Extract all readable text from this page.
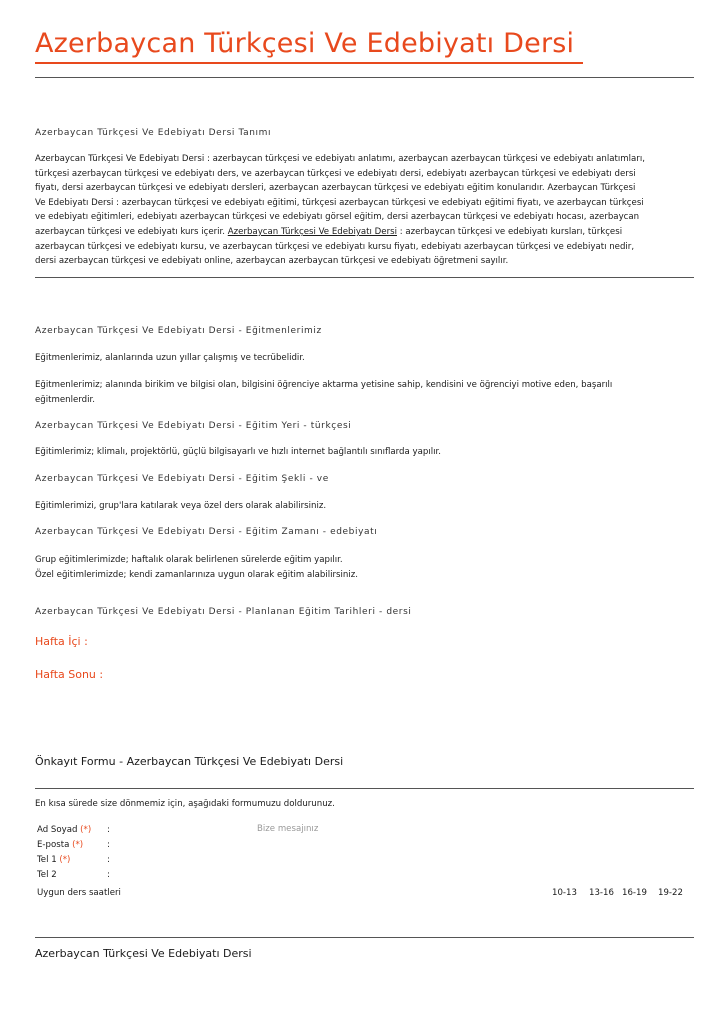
Azerbaycan Türkçesi Ve Edebiyatı Dersi
Azerbaycan Türkçesi Ve Edebiyatı Dersi Tanımı
Azerbaycan Türkçesi Ve Edebiyatı Dersi : azerbaycan türkçesi ve edebiyatı anlatımı, azerbaycan azerbaycan türkçesi ve edebiyatı anlatımları,
türkçesi azerbaycan türkçesi ve edebiyatı ders, ve azerbaycan türkçesi ve edebiyatı dersi, edebiyatı azerbaycan türkçesi ve edebiyatı dersi
fiyatı, dersi azerbaycan türkçesi ve edebiyatı dersleri, azerbaycan azerbaycan türkçesi ve edebiyatı eğitim konularıdır. Azerbaycan Türkçesi
Ve Edebiyatı Dersi : azerbaycan türkçesi ve edebiyatı eğitimi, türkçesi azerbaycan türkçesi ve edebiyatı eğitimi fiyatı, ve azerbaycan türkçesi
ve edebiyatı eğitimleri, edebiyatı azerbaycan türkçesi ve edebiyatı görsel eğitim, dersi azerbaycan türkçesi ve edebiyatı hocası, azerbaycan
azerbaycan türkçesi ve edebiyatı kurs içerir. Azerbaycan Türkçesi Ve Edebiyatı Dersi : azerbaycan türkçesi ve edebiyatı kursları, türkçesi
azerbaycan türkçesi ve edebiyatı kursu, ve azerbaycan türkçesi ve edebiyatı kursu fiyatı, edebiyatı azerbaycan türkçesi ve edebiyatı nedir,
dersi azerbaycan türkçesi ve edebiyatı online, azerbaycan azerbaycan türkçesi ve edebiyatı öğretmeni sayılır.
Azerbaycan Türkçesi Ve Edebiyatı Dersi - Eğitmenlerimiz
Eğitmenlerimiz, alanlarında uzun yıllar çalışmış ve tecrübelidir.
Eğitmenlerimiz; alanında birikim ve bilgisi olan, bilgisini öğrenciye aktarma yetisine sahip, kendisini ve öğrenciyi motive eden, başarılı
eğitmenlerdir.
Azerbaycan Türkçesi Ve Edebiyatı Dersi - Eğitim Yeri - türkçesi
Eğitimlerimiz; klimalı, projektörlü, güçlü bilgisayarlı ve hızlı internet bağlantılı sınıflarda yapılır.
Azerbaycan Türkçesi Ve Edebiyatı Dersi - Eğitim Şekli - ve
Eğitimlerimizi, grup'lara katılarak veya özel ders olarak alabilirsiniz.
Azerbaycan Türkçesi Ve Edebiyatı Dersi - Eğitim Zamanı - edebiyatı
Grup eğitimlerimizde; haftalık olarak belirlenen sürelerde eğitim yapılır.
Özel eğitimlerimizde; kendi zamanlarınıza uygun olarak eğitim alabilirsiniz.
Azerbaycan Türkçesi Ve Edebiyatı Dersi - Planlanan Eğitim Tarihleri - dersi
Hafta İçi :
Hafta Sonu :
Önkayıt Formu - Azerbaycan Türkçesi Ve Edebiyatı Dersi
En kısa sürede size dönmemiz için, aşağıdaki formumuzu doldurunuz.
Ad Soyad (*) :
E-posta (*)	:
Tel 1 (*)	:
Tel 2	:
Bize mesajınız
Uygun ders saatleri	10-13 13-16 16-19 19-22
Azerbaycan Türkçesi Ve Edebiyatı Dersi
